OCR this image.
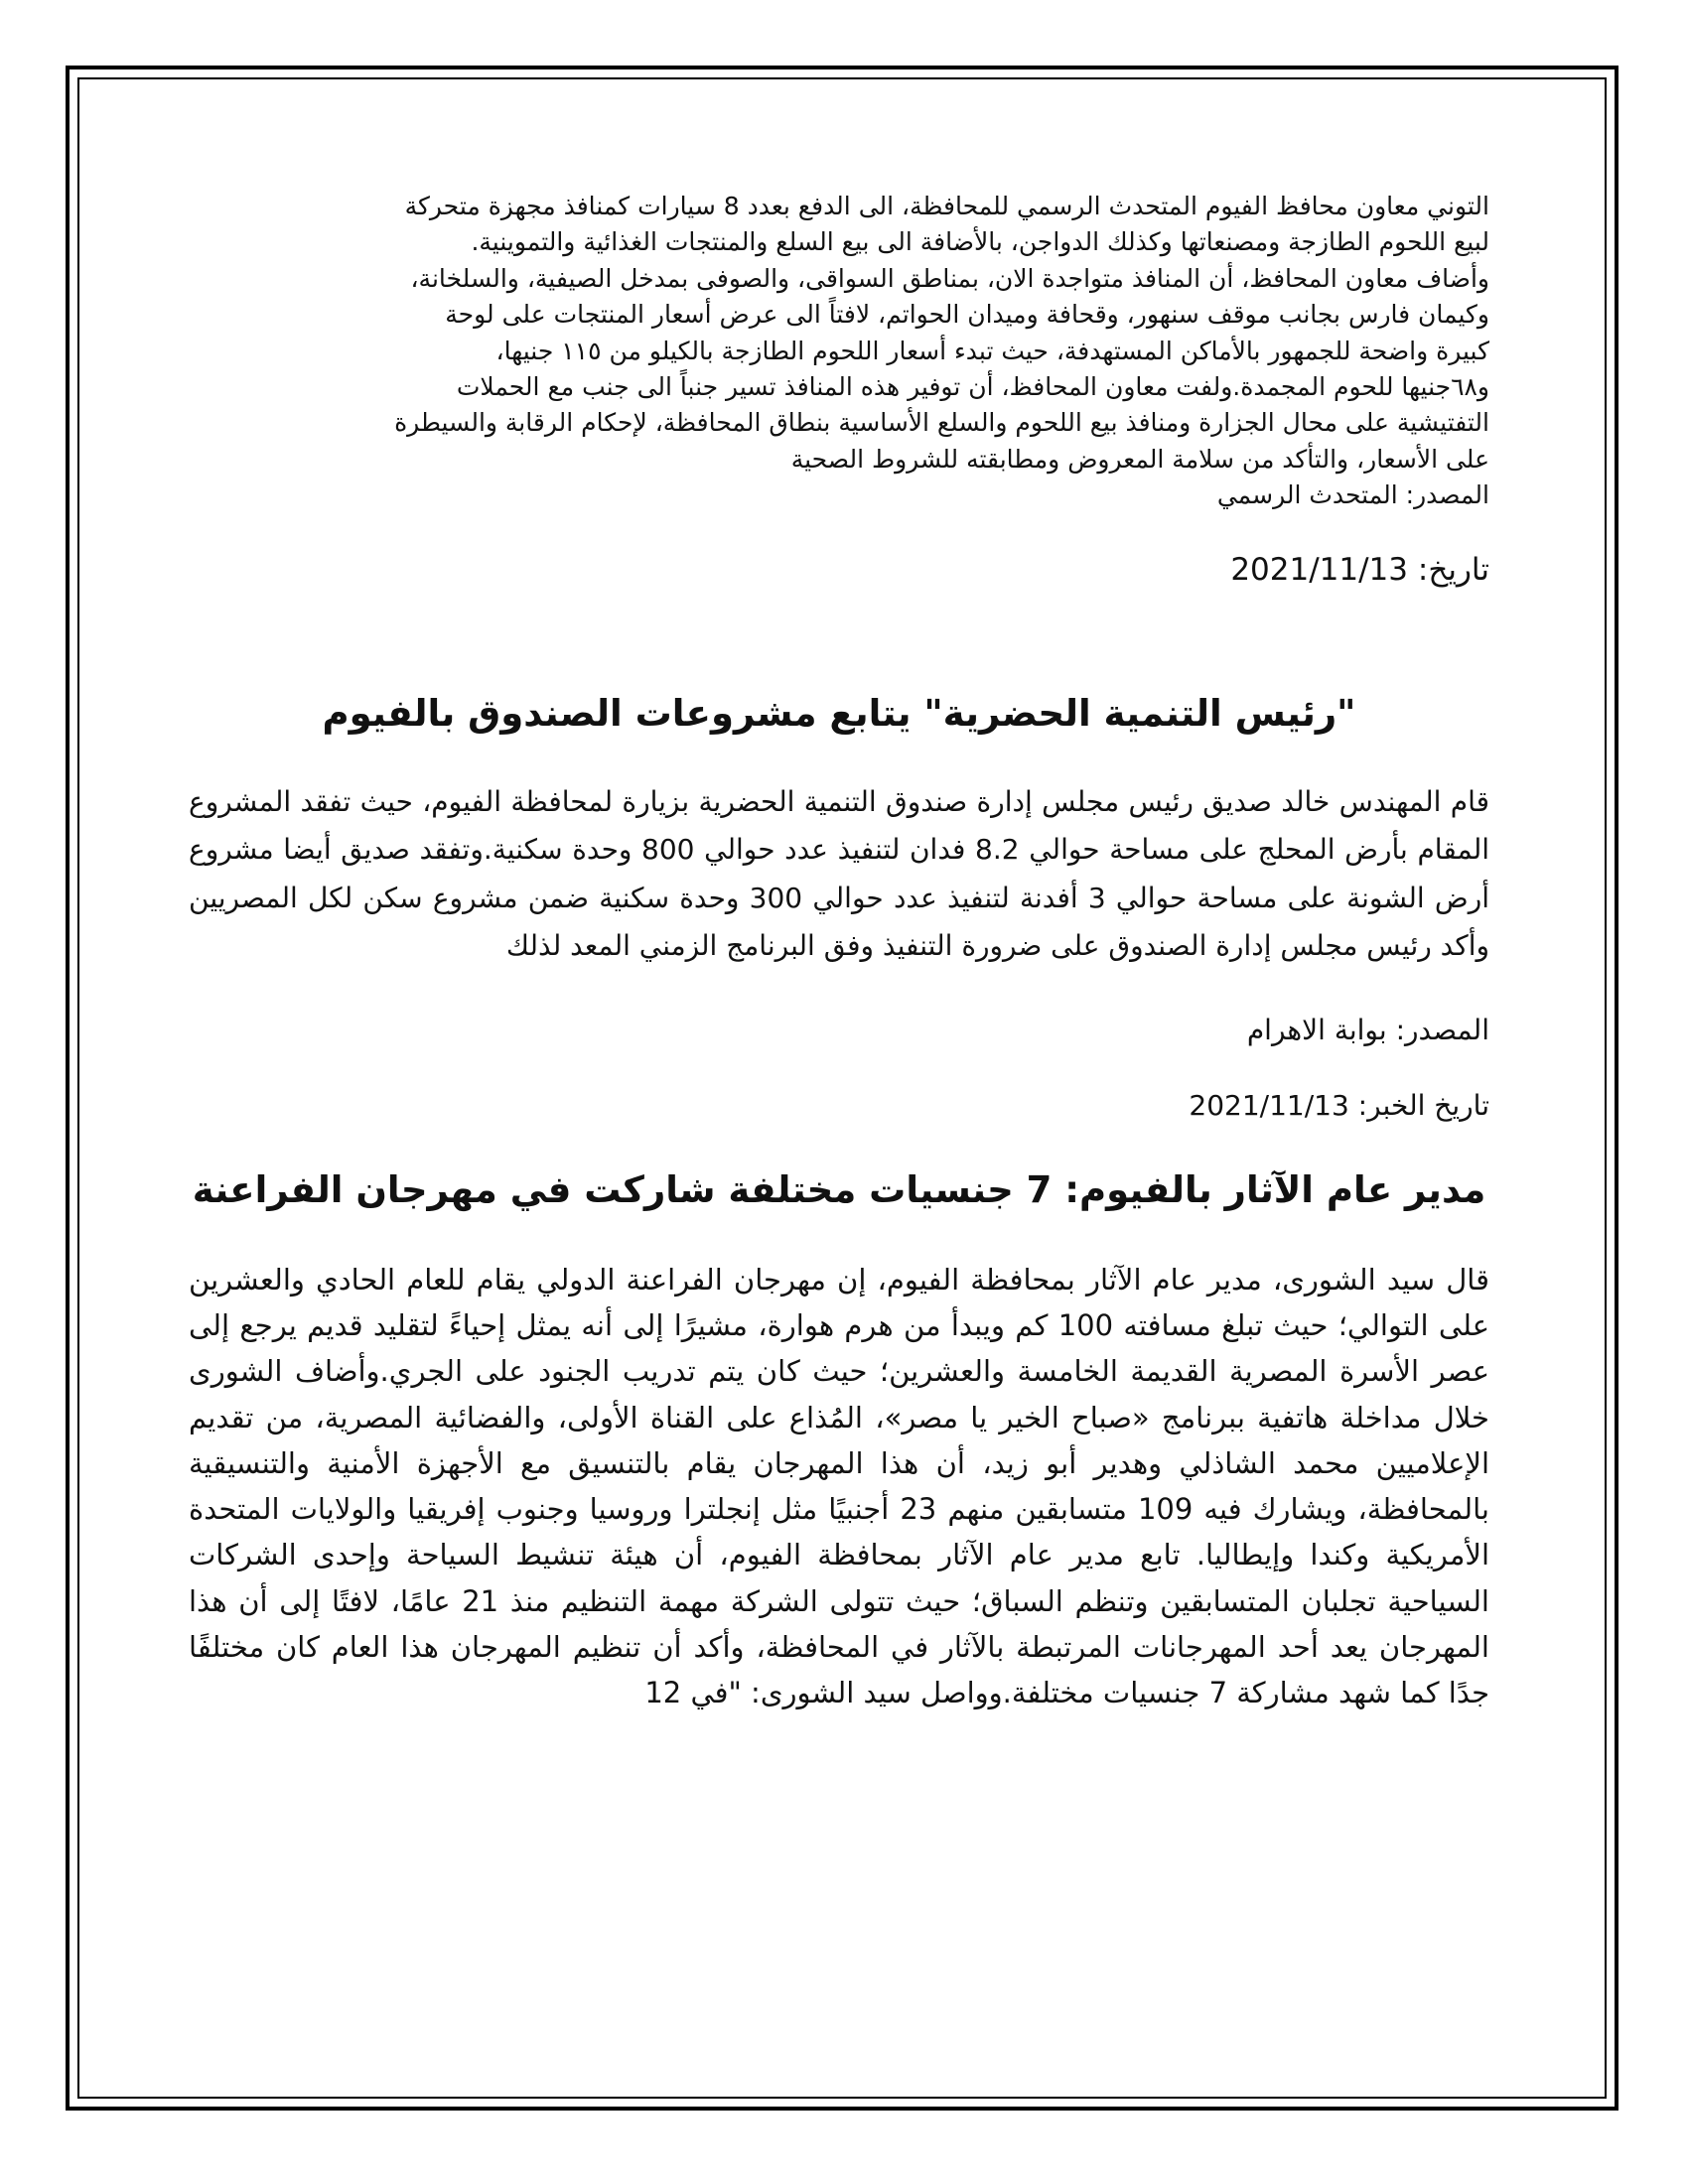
التوني معاون محافظ الفيوم المتحدث الرسمي للمحافظة، الى الدفع بعدد 8 سيارات كمنافذ مجهزة متحركة
لبيع اللحوم الطازجة ومصنعاتها وكذلك الدواجن، بالأضافة الى بيع السلع والمنتجات الغذائية والتموينية.
وأضاف معاون المحافظ، أن المنافذ متواجدة الان، بمناطق السواقى، والصوفى بمدخل الصيفية، والسلخانة،
وكيمان فارس بجانب موقف سنهور، وقحافة وميدان الحواتم، لافتاً الى عرض أسعار المنتجات على لوحة
كبيرة واضحة للجمهور بالأماكن المستهدفة، حيث تبدء أسعار اللحوم الطازجة بالكيلو من ١١٥ جنيها،
و٦٨جنيها للحوم المجمدة.ولفت معاون المحافظ، أن توفير هذه المنافذ تسير جنباً الى جنب مع الحملات
التفتيشية على محال الجزارة ومنافذ بيع اللحوم والسلع الأساسية بنطاق المحافظة، لإحكام الرقابة والسيطرة
على الأسعار، والتأكد من سلامة المعروض ومطابقته للشروط الصحية
المصدر: المتحدث الرسمي

تاريخ: 2021/11/13

"رئيس التنمية الحضرية" يتابع مشروعات الصندوق بالفيوم

قام المهندس خالد صديق رئيس مجلس إدارة صندوق التنمية الحضرية بزيارة لمحافظة الفيوم، حيث تفقد المشروع المقام بأرض المحلج على مساحة حوالي 8.2 فدان لتنفيذ عدد حوالي 800 وحدة سكنية.وتفقد صديق أيضا مشروع أرض الشونة على مساحة حوالي 3 أفدنة لتنفيذ عدد حوالي 300 وحدة سكنية ضمن مشروع سكن لكل المصريين وأكد رئيس مجلس إدارة الصندوق على ضرورة التنفيذ وفق البرنامج الزمني المعد لذلك

المصدر: بوابة الاهرام

تاريخ الخبر: 2021/11/13

مدير عام الآثار بالفيوم: 7 جنسيات مختلفة شاركت في مهرجان الفراعنة

قال سيد الشورى، مدير عام الآثار بمحافظة الفيوم، إن مهرجان الفراعنة الدولي يقام للعام الحادي والعشرين على التوالي؛ حيث تبلغ مسافته 100 كم ويبدأ من هرم هوارة، مشيرًا إلى أنه يمثل إحياءً لتقليد قديم يرجع إلى عصر الأسرة المصرية القديمة الخامسة والعشرين؛ حيث كان يتم تدريب الجنود على الجري.وأضاف الشورى خلال مداخلة هاتفية ببرنامج «صباح الخير يا مصر»، المُذاع على القناة الأولى، والفضائية المصرية، من تقديم الإعلاميين محمد الشاذلي وهدير أبو زيد، أن هذا المهرجان يقام بالتنسيق مع الأجهزة الأمنية والتنسيقية بالمحافظة، ويشارك فيه 109 متسابقين منهم 23 أجنبيًا مثل إنجلترا وروسيا وجنوب إفريقيا والولايات المتحدة الأمريكية وكندا وإيطاليا. تابع مدير عام الآثار بمحافظة الفيوم، أن هيئة تنشيط السياحة وإحدى الشركات السياحية تجلبان المتسابقين وتنظم السباق؛ حيث تتولى الشركة مهمة التنظيم منذ 21 عامًا، لافتًا إلى أن هذا المهرجان يعد أحد المهرجانات المرتبطة بالآثار في المحافظة، وأكد أن تنظيم المهرجان هذا العام كان مختلفًا جدًا كما شهد مشاركة 7 جنسيات مختلفة.وواصل سيد الشورى: "في 12
